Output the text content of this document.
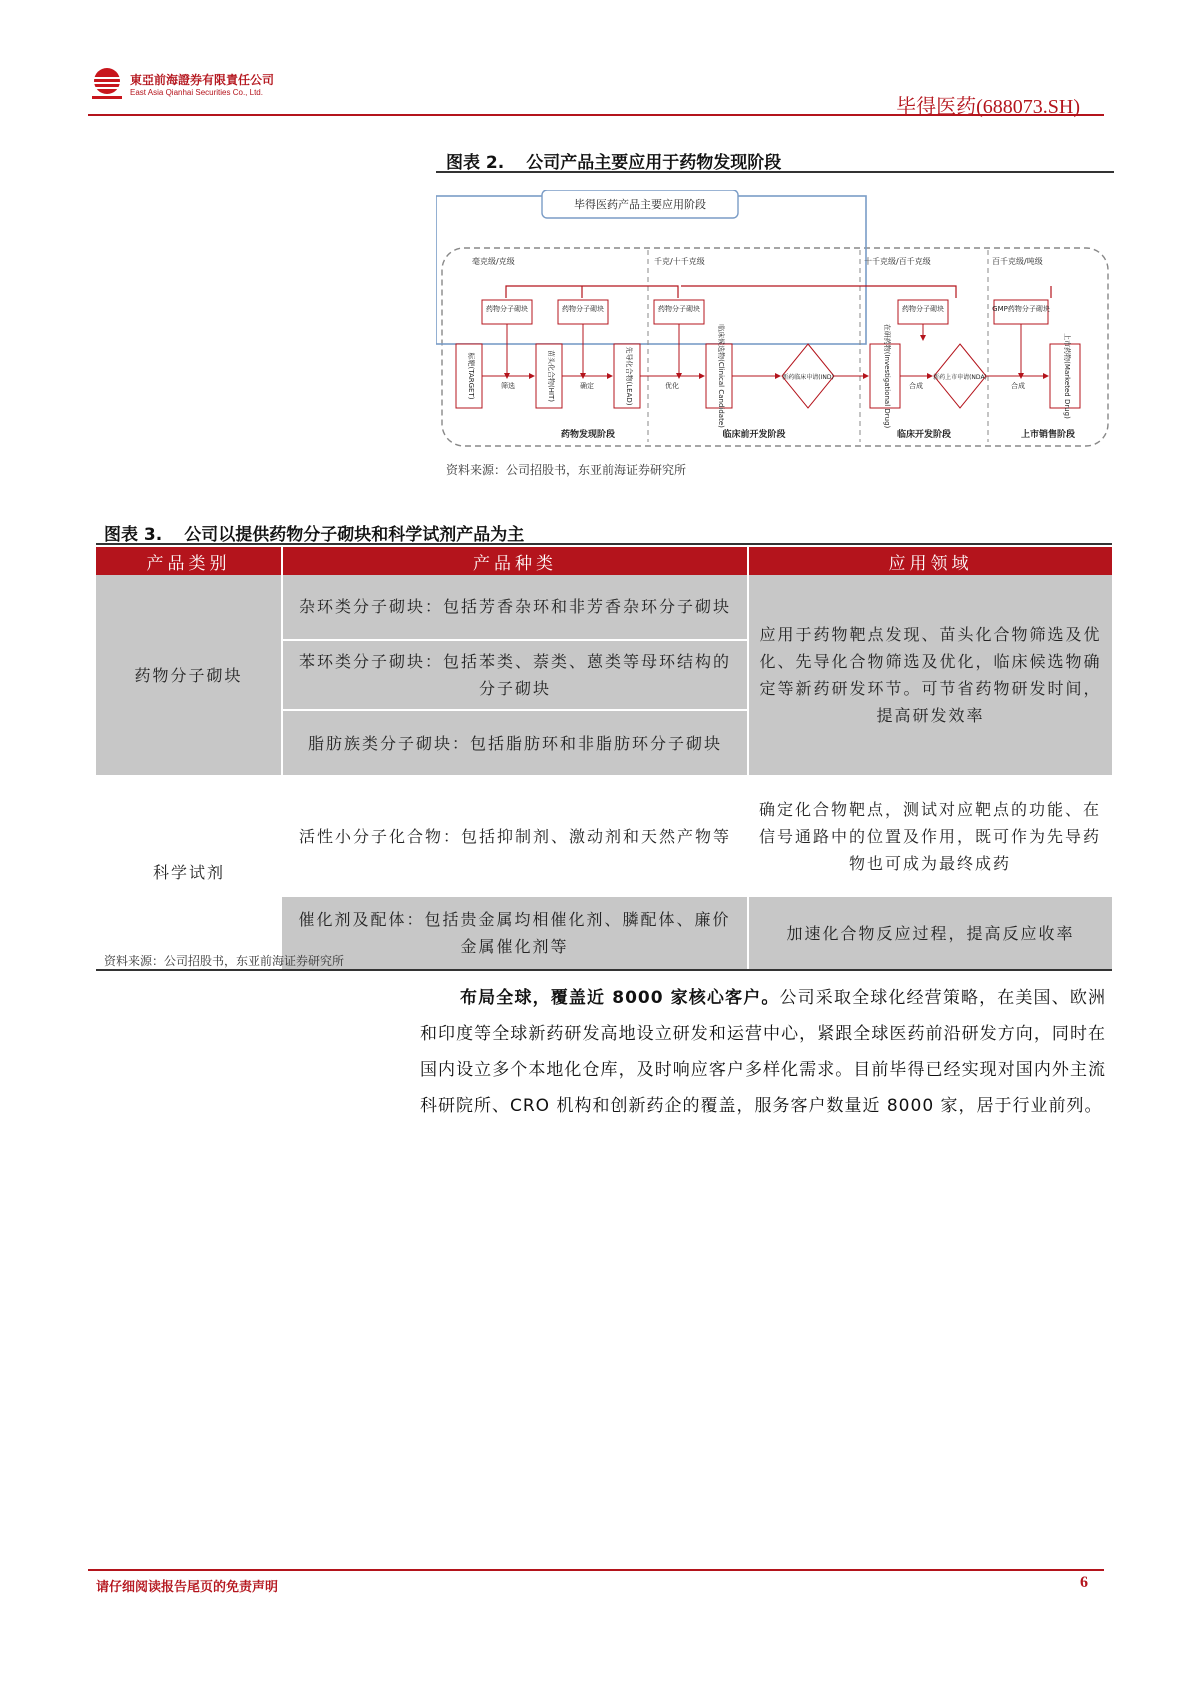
東亞前海證券有限責任公司
East Asia Qianhai Securities Co., Ltd.
毕得医药(688073.SH)
图表 2. 公司产品主要应用于药物发现阶段
毕得医药产品主要应用阶段
毫克级/克级	千克/十千克级	十千克级/百千克级	百千克级/吨级
药物分子砌块	药物分子砌块	药物分子砌块	药物分子砌块	GMP药物分子砌块
标靶(TARGET)	苗头化合物(HIT)	先导化合物(LEAD)	临床候选物(Clinical Candidate)	在研药物(Investigational Drug)	上市药物(Marketed Drug)
新药临床申请(IND)	新药上市申请(NDA)
筛选	确定	优化	合成	合成
药物发现阶段	临床前开发阶段	临床开发阶段	上市销售阶段
资料来源：公司招股书，东亚前海证券研究所
图表 3. 公司以提供药物分子砌块和科学试剂产品为主
产品类别	产品种类	应用领域
药物分子砌块	杂环类分子砌块：包括芳香杂环和非芳香杂环分子砌块	应用于药物靶点发现、苗头化合物筛选及优化、先导化合物筛选及优化，临床候选物确定等新药研发环节。可节省药物研发时间，提高研发效率
	苯环类分子砌块：包括苯类、萘类、蒽类等母环结构的分子砌块	
	脂肪族类分子砌块：包括脂肪环和非脂肪环分子砌块	
科学试剂	活性小分子化合物：包括抑制剂、激动剂和天然产物等	确定化合物靶点，测试对应靶点的功能、在信号通路中的位置及作用，既可作为先导药物也可成为最终成药
	催化剂及配体：包括贵金属均相催化剂、膦配体、廉价金属催化剂等	加速化合物反应过程，提高反应收率
资料来源：公司招股书，东亚前海证券研究所
布局全球，覆盖近 8000 家核心客户。公司采取全球化经营策略，在美国、欧洲和印度等全球新药研发高地设立研发和运营中心，紧跟全球医药前沿研发方向，同时在国内设立多个本地化仓库，及时响应客户多样化需求。目前毕得已经实现对国内外主流科研院所、CRO 机构和创新药企的覆盖，服务客户数量近 8000 家，居于行业前列。
请仔细阅读报告尾页的免责声明	6
